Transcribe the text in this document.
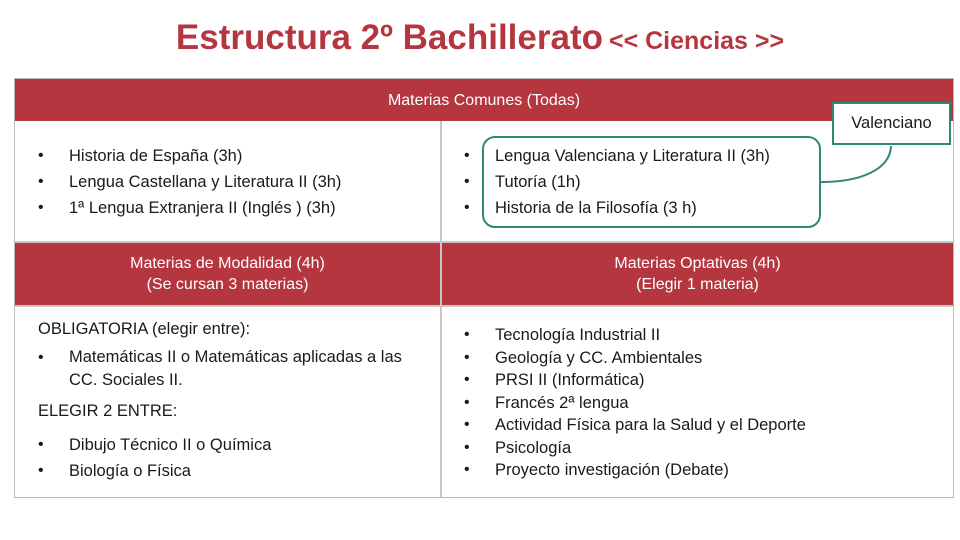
Estructura 2º Bachillerato << Ciencias >>
Materias Comunes (Todas)
• Historia de España (3h)
• Lengua Castellana y Literatura II (3h)
• 1ª Lengua Extranjera II (Inglés ) (3h)
• Lengua Valenciana y Literatura II (3h)
• Tutoría (1h)
• Historia de la Filosofía (3 h)
Materias de Modalidad (4h)
(Se cursan 3 materias)
Materias Optativas (4h)
(Elegir 1 materia)
OBLIGATORIA (elegir entre):
• Matemáticas II o Matemáticas aplicadas a las CC. Sociales II.
ELEGIR 2 ENTRE:
• Dibujo Técnico II o Química
• Biología o Física
• Tecnología Industrial II
• Geología y CC. Ambientales
• PRSI II (Informática)
• Francés 2ª lengua
• Actividad Física para la Salud y el Deporte
• Psicología
• Proyecto investigación (Debate)
Valenciano
